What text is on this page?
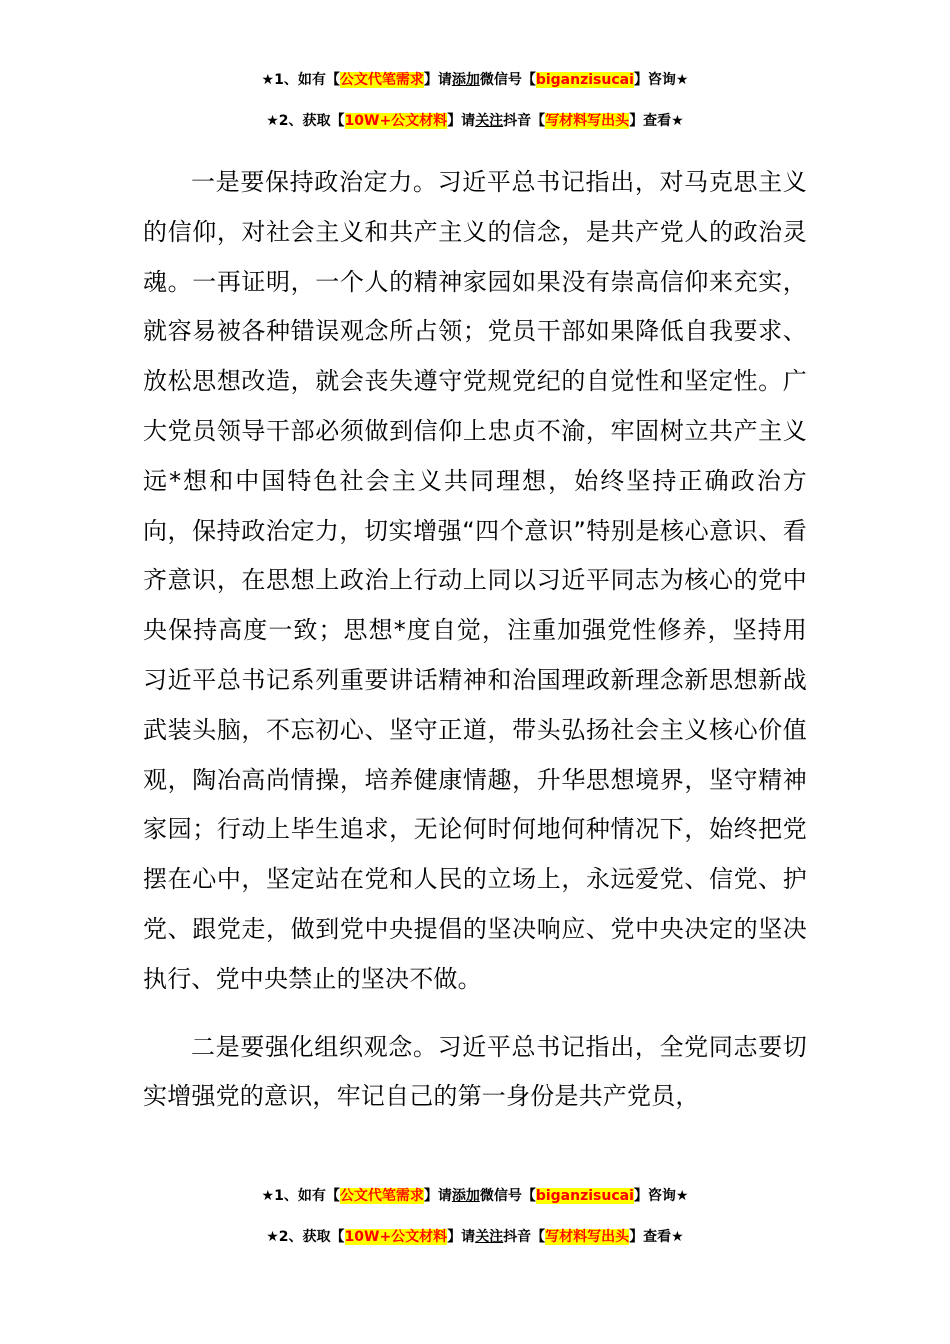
★1、如有【公文代笔需求】请添加微信号【biganzisucai】咨询★
★2、获取【10W+公文材料】请关注抖音【写材料写出头】查看★

一是要保持政治定力。习近平总书记指出，对马克思主义的信仰，对社会主义和共产主义的信念，是共产党人的政治灵魂。一再证明，一个人的精神家园如果没有崇高信仰来充实，就容易被各种错误观念所占领；党员干部如果降低自我要求、放松思想改造，就会丧失遵守党规党纪的自觉性和坚定性。广大党员领导干部必须做到信仰上忠贞不渝，牢固树立共产主义远*想和中国特色社会主义共同理想，始终坚持正确政治方向，保持政治定力，切实增强“四个意识”特别是核心意识、看齐意识，在思想上政治上行动上同以习近平同志为核心的党中央保持高度一致；思想*度自觉，注重加强党性修养，坚持用习近平总书记系列重要讲话精神和治国理政新理念新思想新战武装头脑，不忘初心、坚守正道，带头弘扬社会主义核心价值观，陶冶高尚情操，培养健康情趣，升华思想境界，坚守精神家园；行动上毕生追求，无论何时何地何种情况下，始终把党摆在心中，坚定站在党和人民的立场上，永远爱党、信党、护党、跟党走，做到党中央提倡的坚决响应、党中央决定的坚决执行、党中央禁止的坚决不做。

二是要强化组织观念。习近平总书记指出，全党同志要切实增强党的意识，牢记自己的第一身份是共产党员，

★1、如有【公文代笔需求】请添加微信号【biganzisucai】咨询★
★2、获取【10W+公文材料】请关注抖音【写材料写出头】查看★
